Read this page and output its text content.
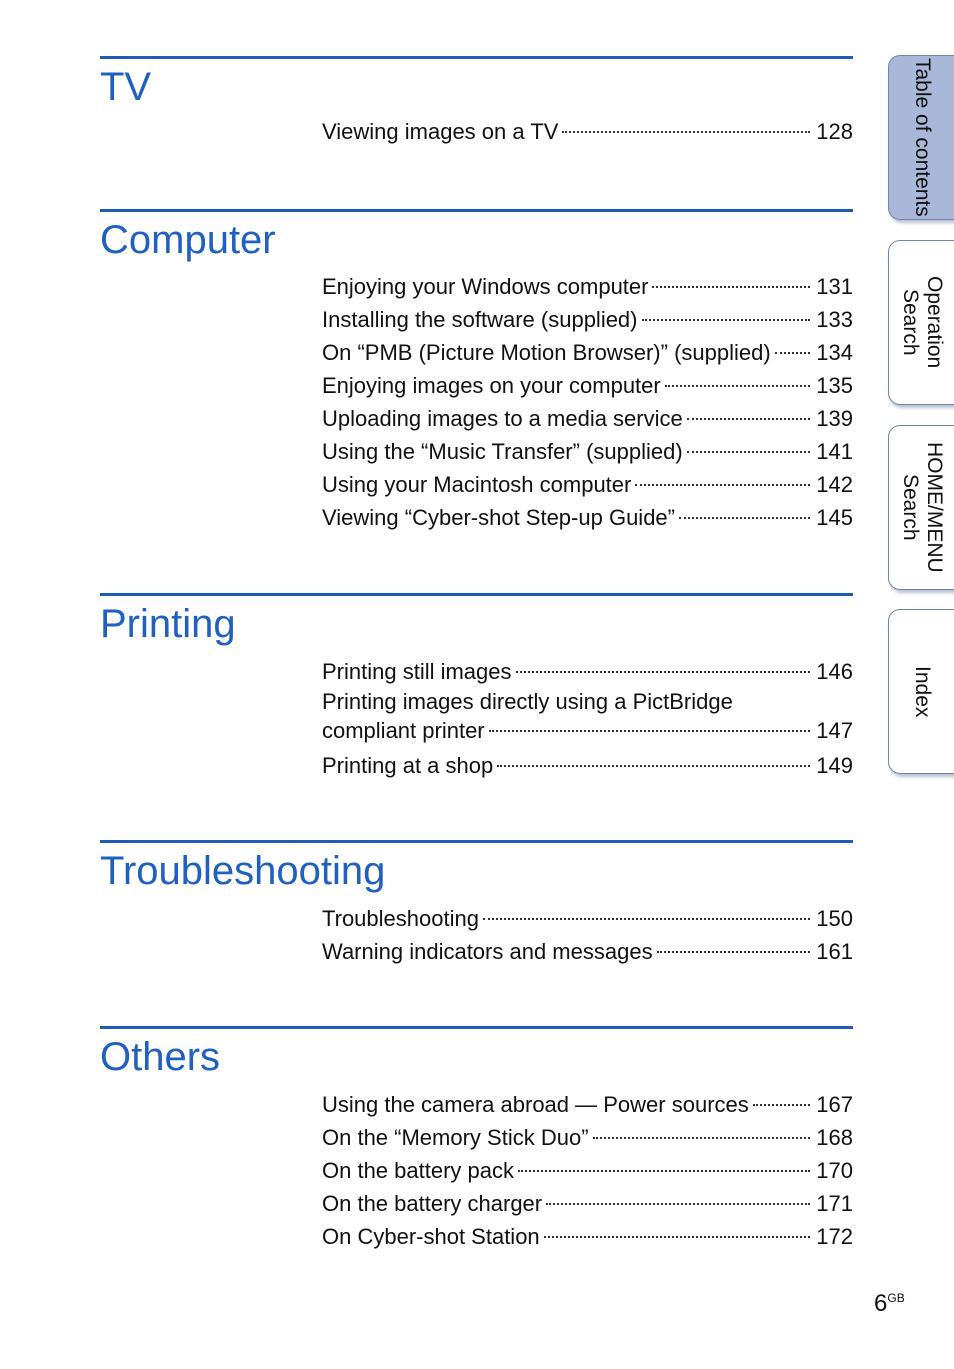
TV
Viewing images on a TV	128
Computer
Enjoying your Windows computer	131
Installing the software (supplied)	133
On “PMB (Picture Motion Browser)” (supplied) 134
Enjoying images on your computer	135
Uploading images to a media service	139
Using the “Music Transfer” (supplied)	141
Using your Macintosh computer	142
Viewing “Cyber-shot Step-up Guide”	145
Printing
Printing still images	146
Printing images directly using a PictBridge
compliant printer	147
Printing at a shop	149
Troubleshooting
Troubleshooting	150
Warning indicators and messages	161
Others
Using the camera abroad — Power sources	167
On the “Memory Stick Duo”	168
On the battery pack	170
On the battery charger	171
On Cyber-shot Station	172
Table of contents
Operation Search
HOME/MENU Search
Index
$6^{GB}$
